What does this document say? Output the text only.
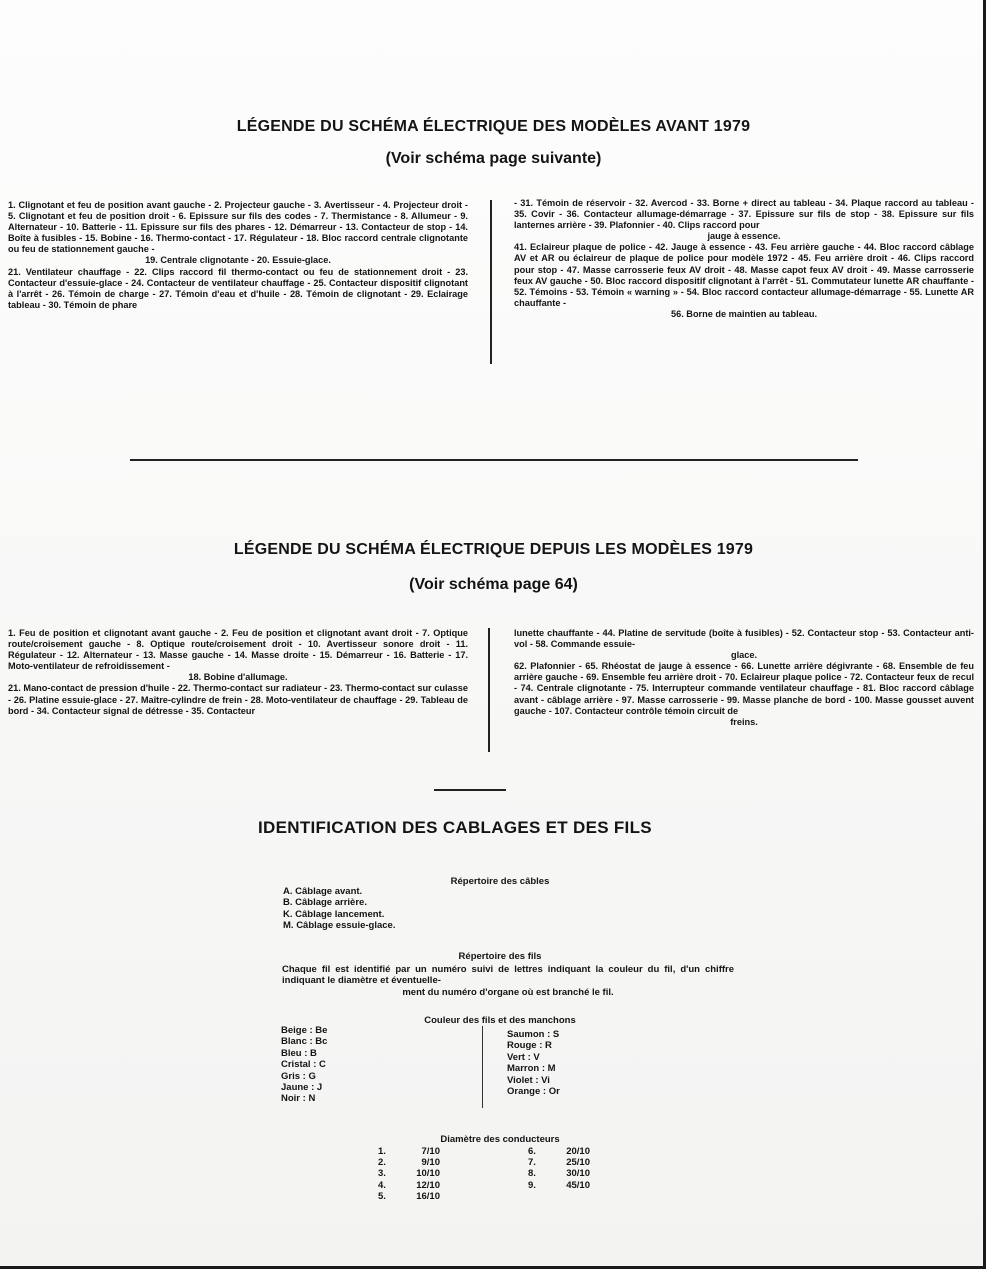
LÉGENDE DU SCHÉMA ÉLECTRIQUE DES MODÈLES AVANT 1979
(Voir schéma page suivante)

1. Clignotant et feu de position avant gauche - 2. Projecteur gauche - 3. Avertisseur - 4. Projecteur droit - 5. Clignotant et feu de position droit - 6. Epissure sur fils des codes - 7. Thermistance - 8. Allumeur - 9. Alternateur - 10. Batterie - 11. Epissure sur fils des phares - 12. Démarreur - 13. Contacteur de stop - 14. Boîte à fusibles - 15. Bobine - 16. Thermo-contact - 17. Régulateur - 18. Bloc raccord centrale clignotante ou feu de stationnement gauche -

19. Centrale clignotante - 20. Essuie-glace.

21. Ventilateur chauffage - 22. Clips raccord fil thermo-contact ou feu de stationnement droit - 23. Contacteur d'essuie-glace - 24. Contacteur de ventilateur chauffage - 25. Contacteur dispositif clignotant à l'arrêt - 26. Témoin de charge - 27. Témoin d'eau et d'huile - 28. Témoin de clignotant - 29. Eclairage tableau - 30. Témoin de phare

- 31. Témoin de réservoir - 32. Avercod - 33. Borne + direct au tableau - 34. Plaque raccord au tableau - 35. Covir - 36. Contacteur allumage-démarrage - 37. Epissure sur fils de stop - 38. Epissure sur fils lanternes arrière - 39. Plafonnier - 40. Clips raccord pour

jauge à essence.

41. Eclaireur plaque de police - 42. Jauge à essence - 43. Feu arrière gauche - 44. Bloc raccord câblage AV et AR ou éclaireur de plaque de police pour modèle 1972 - 45. Feu arrière droit - 46. Clips raccord pour stop - 47. Masse carrosserie feux AV droit - 48. Masse capot feux AV droit - 49. Masse carrosserie feux AV gauche - 50. Bloc raccord dispositif clignotant à l'arrêt - 51. Commutateur lunette AR chauffante - 52. Témoins - 53. Témoin « warning » - 54. Bloc raccord contacteur allumage-démarrage - 55. Lunette AR chauffante -

56. Borne de maintien au tableau.

LÉGENDE DU SCHÉMA ÉLECTRIQUE DEPUIS LES MODÈLES 1979
(Voir schéma page 64)

1. Feu de position et clignotant avant gauche - 2. Feu de position et clignotant avant droit - 7. Optique route/croisement gauche - 8. Optique route/croisement droit - 10. Avertisseur sonore droit - 11. Régulateur - 12. Alternateur - 13. Masse gauche - 14. Masse droite - 15. Démarreur - 16. Batterie - 17. Moto-ventilateur de refroidissement -

18. Bobine d'allumage.

21. Mano-contact de pression d'huile - 22. Thermo-contact sur radiateur - 23. Thermo-contact sur culasse - 26. Platine essuie-glace - 27. Maître-cylindre de frein - 28. Moto-ventilateur de chauffage - 29. Tableau de bord - 34. Contacteur signal de détresse - 35. Contacteur

lunette chauffante - 44. Platine de servitude (boîte à fusibles) - 52. Contacteur stop - 53. Contacteur anti-vol - 58. Commande essuie-

glace.

62. Plafonnier - 65. Rhéostat de jauge à essence - 66. Lunette arrière dégivrante - 68. Ensemble de feu arrière gauche - 69. Ensemble feu arrière droit - 70. Eclaireur plaque police - 72. Contacteur feux de recul - 74. Centrale clignotante - 75. Interrupteur commande ventilateur chauffage - 81. Bloc raccord câblage avant - câblage arrière - 97. Masse carrosserie - 99. Masse planche de bord - 100. Masse gousset auvent gauche - 107. Contacteur contrôle témoin circuit de

freins.

IDENTIFICATION DES CABLAGES ET DES FILS

Répertoire des câbles

A. Câblage avant.
B. Câblage arrière.
K. Câblage lancement.
M. Câblage essuie-glace.

Répertoire des fils

Chaque fil est identifié par un numéro suivi de lettres indiquant la couleur du fil, d'un chiffre indiquant le diamètre et éventuelle-
ment du numéro d'organe où est branché le fil.

Couleur des fils et des manchons

Beige : Be
Blanc : Bc
Bleu : B
Cristal : C
Gris : G
Jaune : J
Noir : N
Saumon : S
Rouge : R
Vert : V
Marron : M
Violet : Vi
Orange : Or

Diamètre des conducteurs

1.	7/10
2.	9/10
3.	10/10
4.	12/10
5.	16/10
6.	20/10
7.	25/10
8.	30/10
9.	45/10
